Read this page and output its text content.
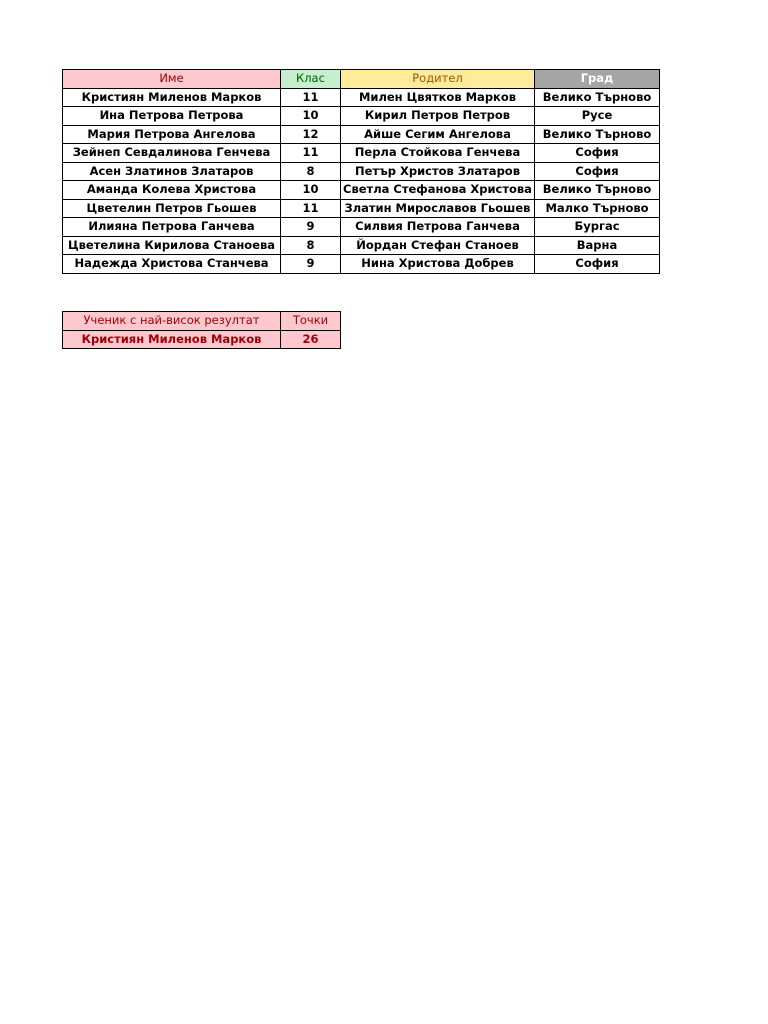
Име	Клас	Родител	Град
Кристиян Миленов Марков	11	Милен Цвятков Марков	Велико Търново
Ина Петрова Петрова	10	Кирил Петров Петров	Русе
Мария Петрова Ангелова	12	Айше Сегим Ангелова	Велико Търново
Зейнеп Севдалинова Генчева	11	Перла Стойкова Генчева	София
Асен Златинов Златаров	8	Петър Христов Златаров	София
Аманда Колева Христова	10	Светла Стефанова Христова	Велико Търново
Цветелин Петров Гьошев	11	Златин Мирославов Гьошев	Малко Търново
Илияна Петрова Ганчева	9	Силвия Петрова Ганчева	Бургас
Цветелина Кирилова Станоева	8	Йордан Стефан Станоев	Варна
Надежда Христова Станчева	9	Нина Христова Добрев	София
Ученик с най-висок резултат	Точки
Кристиян Миленов Марков	26
